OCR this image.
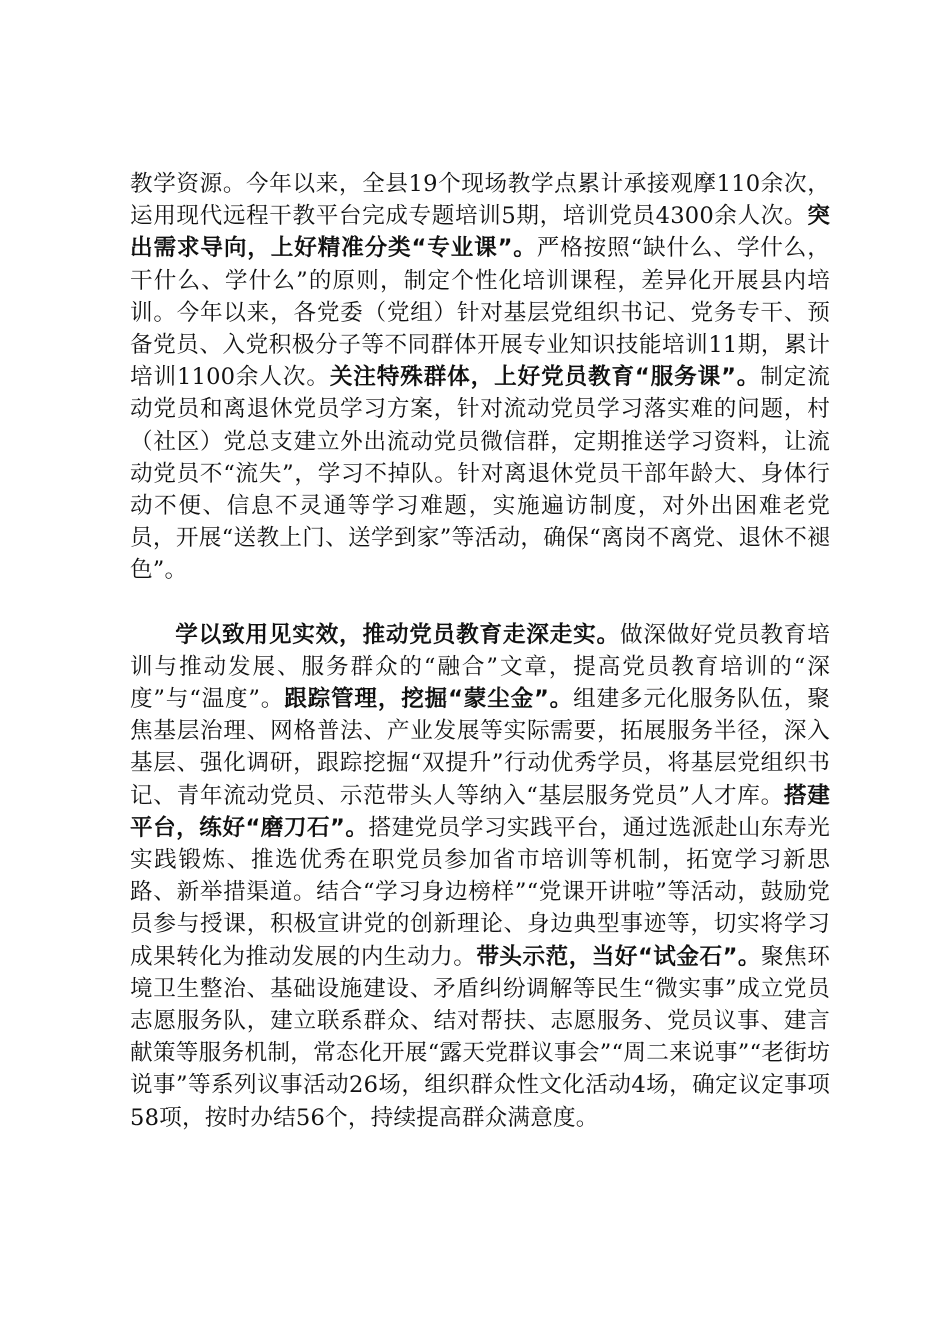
教学资源。今年以来，全县19个现场教学点累计承接观摩110余次，运用现代远程干教平台完成专题培训5期，培训党员4300余人次。突出需求导向，上好精准分类“专业课”。严格按照“缺什么、学什么，干什么、学什么”的原则，制定个性化培训课程，差异化开展县内培训。今年以来，各党委（党组）针对基层党组织书记、党务专干、预备党员、入党积极分子等不同群体开展专业知识技能培训11期，累计培训1100余人次。关注特殊群体，上好党员教育“服务课”。制定流动党员和离退休党员学习方案，针对流动党员学习落实难的问题，村（社区）党总支建立外出流动党员微信群，定期推送学习资料，让流动党员不“流失”，学习不掉队。针对离退休党员干部年龄大、身体行动不便、信息不灵通等学习难题，实施遍访制度，对外出困难老党员，开展“送教上门、送学到家”等活动，确保“离岗不离党、退休不褪色”。

学以致用见实效，推动党员教育走深走实。做深做好党员教育培训与推动发展、服务群众的“融合”文章，提高党员教育培训的“深度”与“温度”。跟踪管理，挖掘“蒙尘金”。组建多元化服务队伍，聚焦基层治理、网格普法、产业发展等实际需要，拓展服务半径，深入基层、强化调研，跟踪挖掘“双提升”行动优秀学员，将基层党组织书记、青年流动党员、示范带头人等纳入“基层服务党员”人才库。搭建平台，练好“磨刀石”。搭建党员学习实践平台，通过选派赴山东寿光实践锻炼、推选优秀在职党员参加省市培训等机制，拓宽学习新思路、新举措渠道。结合“学习身边榜样”“党课开讲啦”等活动，鼓励党员参与授课，积极宣讲党的创新理论、身边典型事迹等，切实将学习成果转化为推动发展的内生动力。带头示范，当好“试金石”。聚焦环境卫生整治、基础设施建设、矛盾纠纷调解等民生“微实事”成立党员志愿服务队，建立联系群众、结对帮扶、志愿服务、党员议事、建言献策等服务机制，常态化开展“露天党群议事会”“周二来说事”“老街坊说事”等系列议事活动26场，组织群众性文化活动4场，确定议定事项58项，按时办结56个，持续提高群众满意度。
